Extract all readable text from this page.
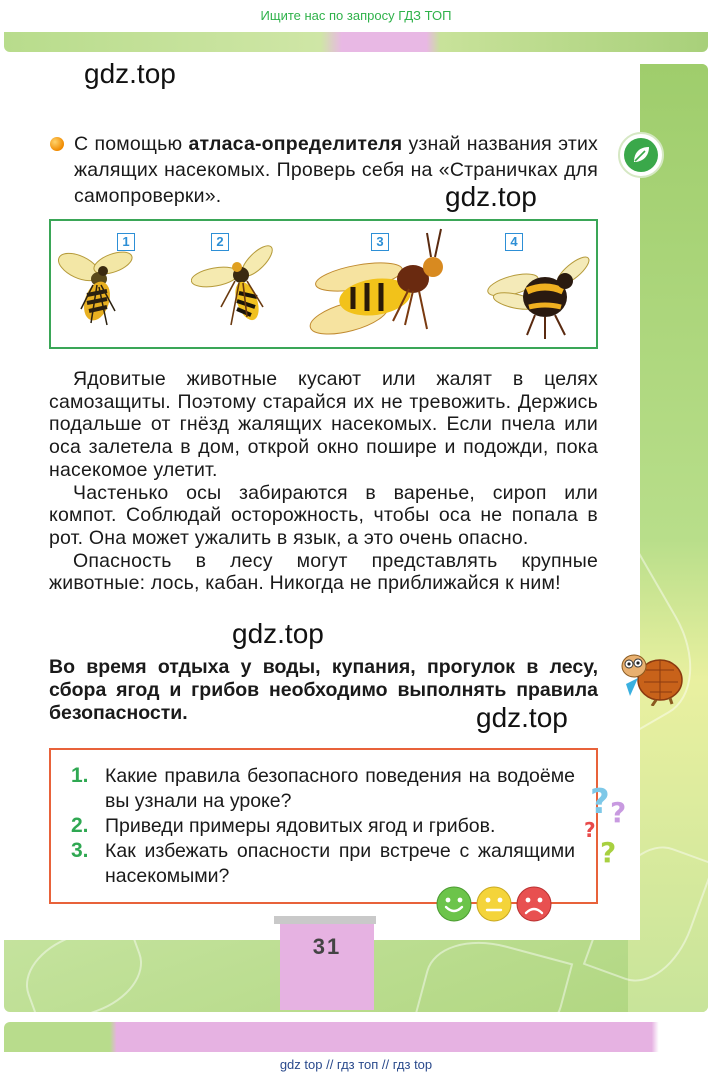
Ищите нас по запросу ГДЗ ТОП
gdz.top
gdz.top
gdz.top
gdz.top
С помощью атласа-определителя узнай названия этих жалящих насекомых. Проверь себя на «Страничках для самопроверки».
1	2	3	4

Ядовитые животные кусают или жалят в целях самозащиты. Поэтому старайся их не тревожить. Держись подальше от гнёзд жалящих насекомых. Если пчела или оса залетела в дом, открой окно пошире и подожди, пока насекомое улетит.

Частенько осы забираются в варенье, сироп или компот. Соблюдай осторожность, чтобы оса не попала в рот. Она может ужалить в язык, а это очень опасно.

Опасность в лесу могут представлять крупные животные: лось, кабан. Никогда не приближайся к ним!

Во время отдыха у воды, купания, прогулок в лесу, сбора ягод и грибов необходимо выполнять правила безопасности.
1. Какие правила безопасного поведения на водоёме вы узнали на уроке?
2. Приведи примеры ядовитых ягод и грибов.
3. Как избежать опасности при встрече с жалящими насекомыми?
? ?
?
?
31
gdz top // гдз топ // гдз top
